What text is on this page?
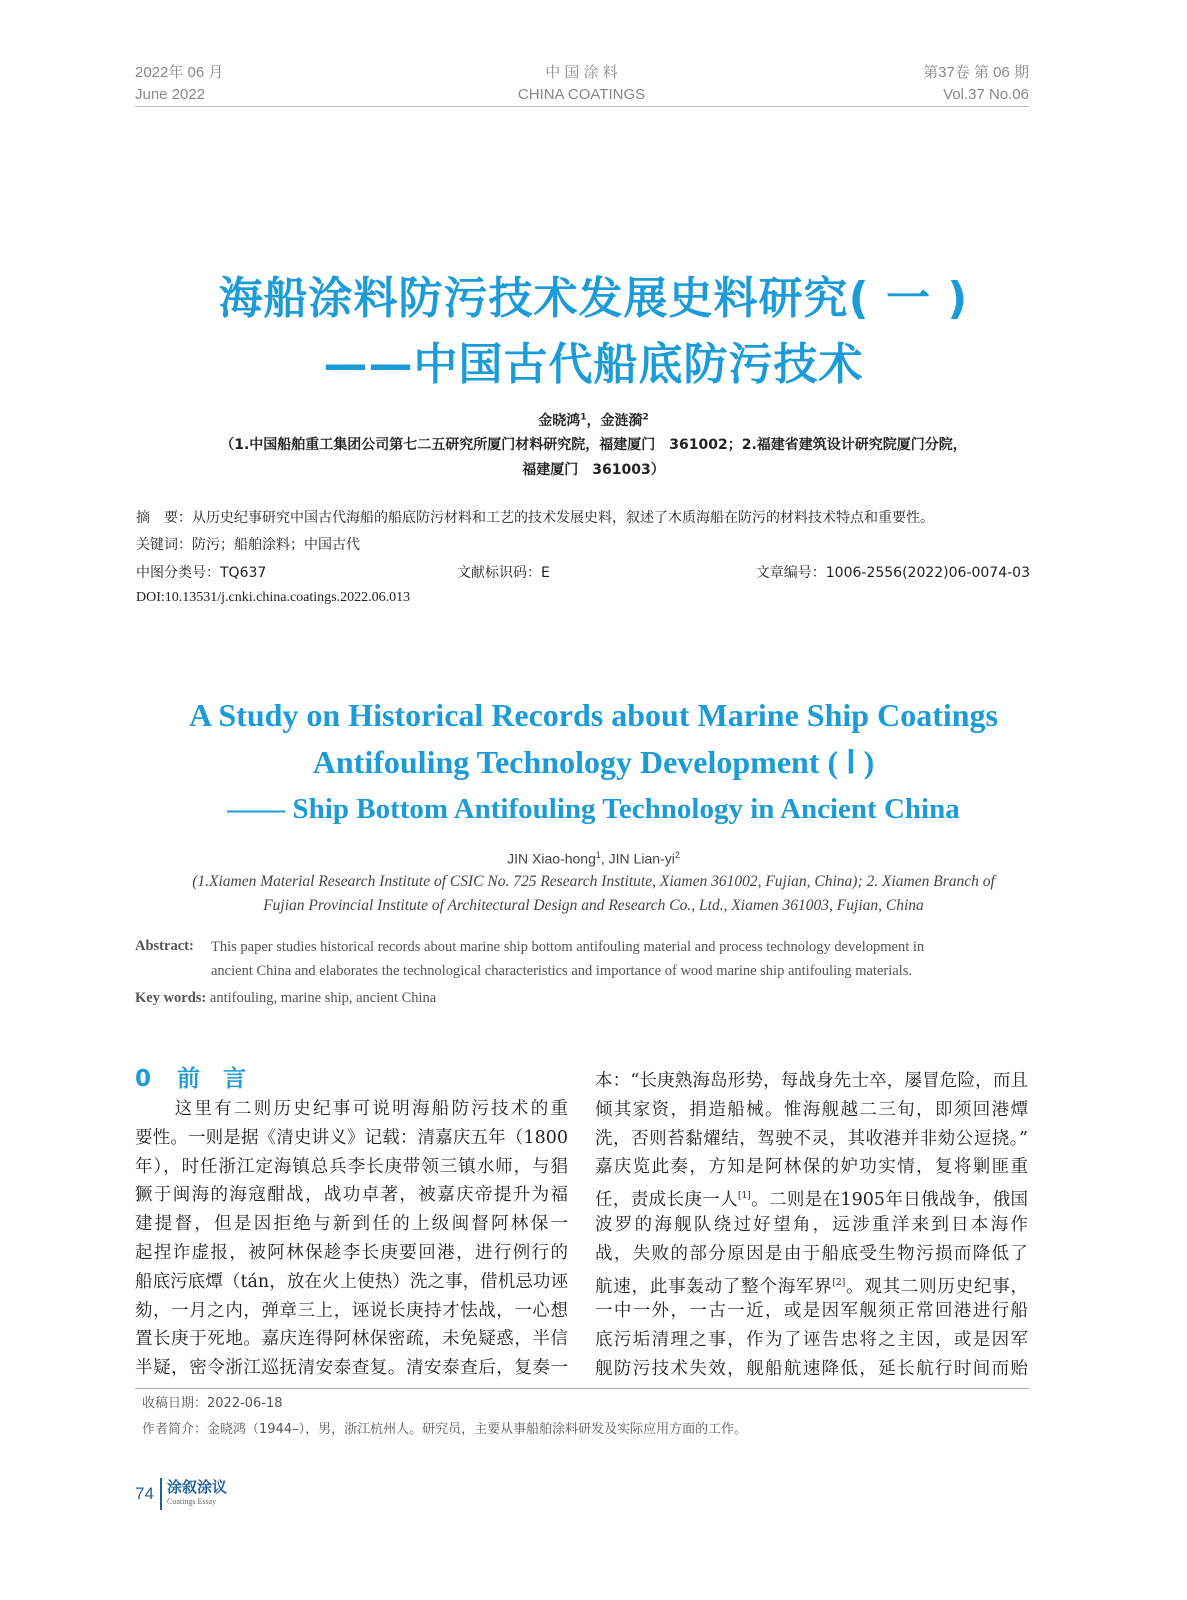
2022年 06 月
June 2022
中 国 涂 料
CHINA COATINGS
第37卷 第 06 期
Vol.37 No.06
海船涂料防污技术发展史料研究( 一 )
——中国古代船底防污技术
金晓鸿$^1$，金涟漪$^2$
（1.中国船舶重工集团公司第七二五研究所厦门材料研究院，福建厦门　361002；2.福建省建筑设计研究院厦门分院，
福建厦门　361003）
摘　要：从历史纪事研究中国古代海船的船底防污材料和工艺的技术发展史料，叙述了木质海船在防污的材料技术特点和重要性。
关键词：防污；船舶涂料；中国古代
中图分类号：TQ637	文献标识码：E	文章编号：1006-2556(2022)06-0074-03
DOI:10.13531/j.cnki.china.coatings.2022.06.013
A Study on Historical Records about Marine Ship Coatings
Antifouling Technology Development ( Ⅰ )
—— Ship Bottom Antifouling Technology in Ancient China
JIN Xiao-hong$^1$, JIN Lian-$yi^2$
(1.Xiamen Material Research Institute of CSIC No. 725 Research Institute, Xiamen 361002, Fujian, China); 2. Xiamen Branch of
Fujian Provincial Institute of Architectural Design and Research Co., Ltd., Xiamen 361003, Fujian, China
Abstract: This paper studies historical records about marine ship bottom antifouling material and process technology development in
ancient China and elaborates the technological characteristics and importance of wood marine ship antifouling materials.
Key words: antifouling, marine ship, ancient China
0 前　言
　　这里有二则历史纪事可说明海船防污技术的重
要性。一则是据《清史讲义》记载：清嘉庆五年（1800
年），时任浙江定海镇总兵李长庚带领三镇水师，与猖
獗于闽海的海寇酣战，战功卓著，被嘉庆帝提升为福
建提督，但是因拒绝与新到任的上级闽督阿林保一
起捏诈虚报，被阿林保趁李长庚要回港，进行例行的
船底污底燂（tán，放在火上使热）洗之事，借机忌功诬
劾，一月之内，弹章三上，诬说长庚持才怯战，一心想
置长庚于死地。嘉庆连得阿林保密疏，未免疑惑，半信
半疑，密令浙江巡抚清安泰查复。清安泰查后，复奏一
本：“长庚熟海岛形势，每战身先士卒，屡冒危险，而且
倾其家资，捐造船械。惟海舰越二三旬，即须回港燂
洗，否则苔黏燿结，驾驶不灵，其收港并非劾公逗挠。”
嘉庆览此奏，方知是阿林保的妒功实情，复将剿匪重
任，责成长庚一人[1]。二则是在1905年日俄战争，俄国
波罗的海舰队绕过好望角，远涉重洋来到日本海作
战，失败的部分原因是由于船底受生物污损而降低了
航速，此事轰动了整个海军界[2]。观其二则历史纪事，
一中一外，一古一近，或是因军舰须正常回港进行船
底污垢清理之事，作为了诬告忠将之主因，或是因军
舰防污技术失效，舰船航速降低，延长航行时间而贻
收稿日期：2022-06-18
作者简介：金晓鸿（1944–），男，浙江杭州人。研究员，主要从事船舶涂料研发及实际应用方面的工作。
74 涂叙涂议
Coatings Essay
